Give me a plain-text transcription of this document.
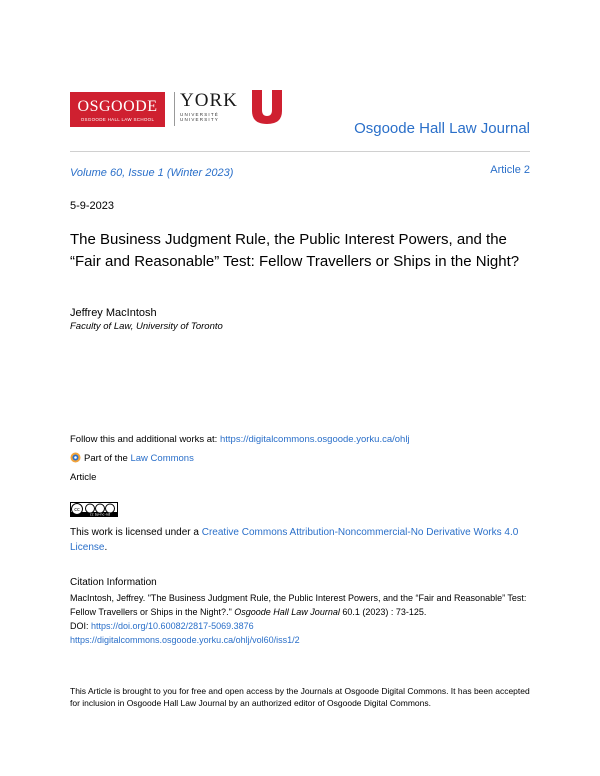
OSGOODE
OSGOODE HALL LAW SCHOOL
YORK
UNIVERSITÉ UNIVERSITY
Osgoode Hall Law Journal
Volume 60, Issue 1 (Winter 2023)	Article 2
5-9-2023
The Business Judgment Rule, the Public Interest Powers, and the “Fair and Reasonable” Test: Fellow Travellers or Ships in the Night?
Jeffrey MacIntosh
Faculty of Law, University of Toronto
Follow this and additional works at: https://digitalcommons.osgoode.yorku.ca/ohlj
Part of the Law Commons
Article
cc
cc by-nc-nd
This work is licensed under a Creative Commons Attribution-Noncommercial-No Derivative Works 4.0 License.
Citation Information
MacIntosh, Jeffrey. "The Business Judgment Rule, the Public Interest Powers, and the “Fair and Reasonable” Test: Fellow Travellers or Ships in the Night?." Osgoode Hall Law Journal 60.1 (2023) : 73-125.
DOI: https://doi.org/10.60082/2817-5069.3876
https://digitalcommons.osgoode.yorku.ca/ohlj/vol60/iss1/2
This Article is brought to you for free and open access by the Journals at Osgoode Digital Commons. It has been accepted for inclusion in Osgoode Hall Law Journal by an authorized editor of Osgoode Digital Commons.
